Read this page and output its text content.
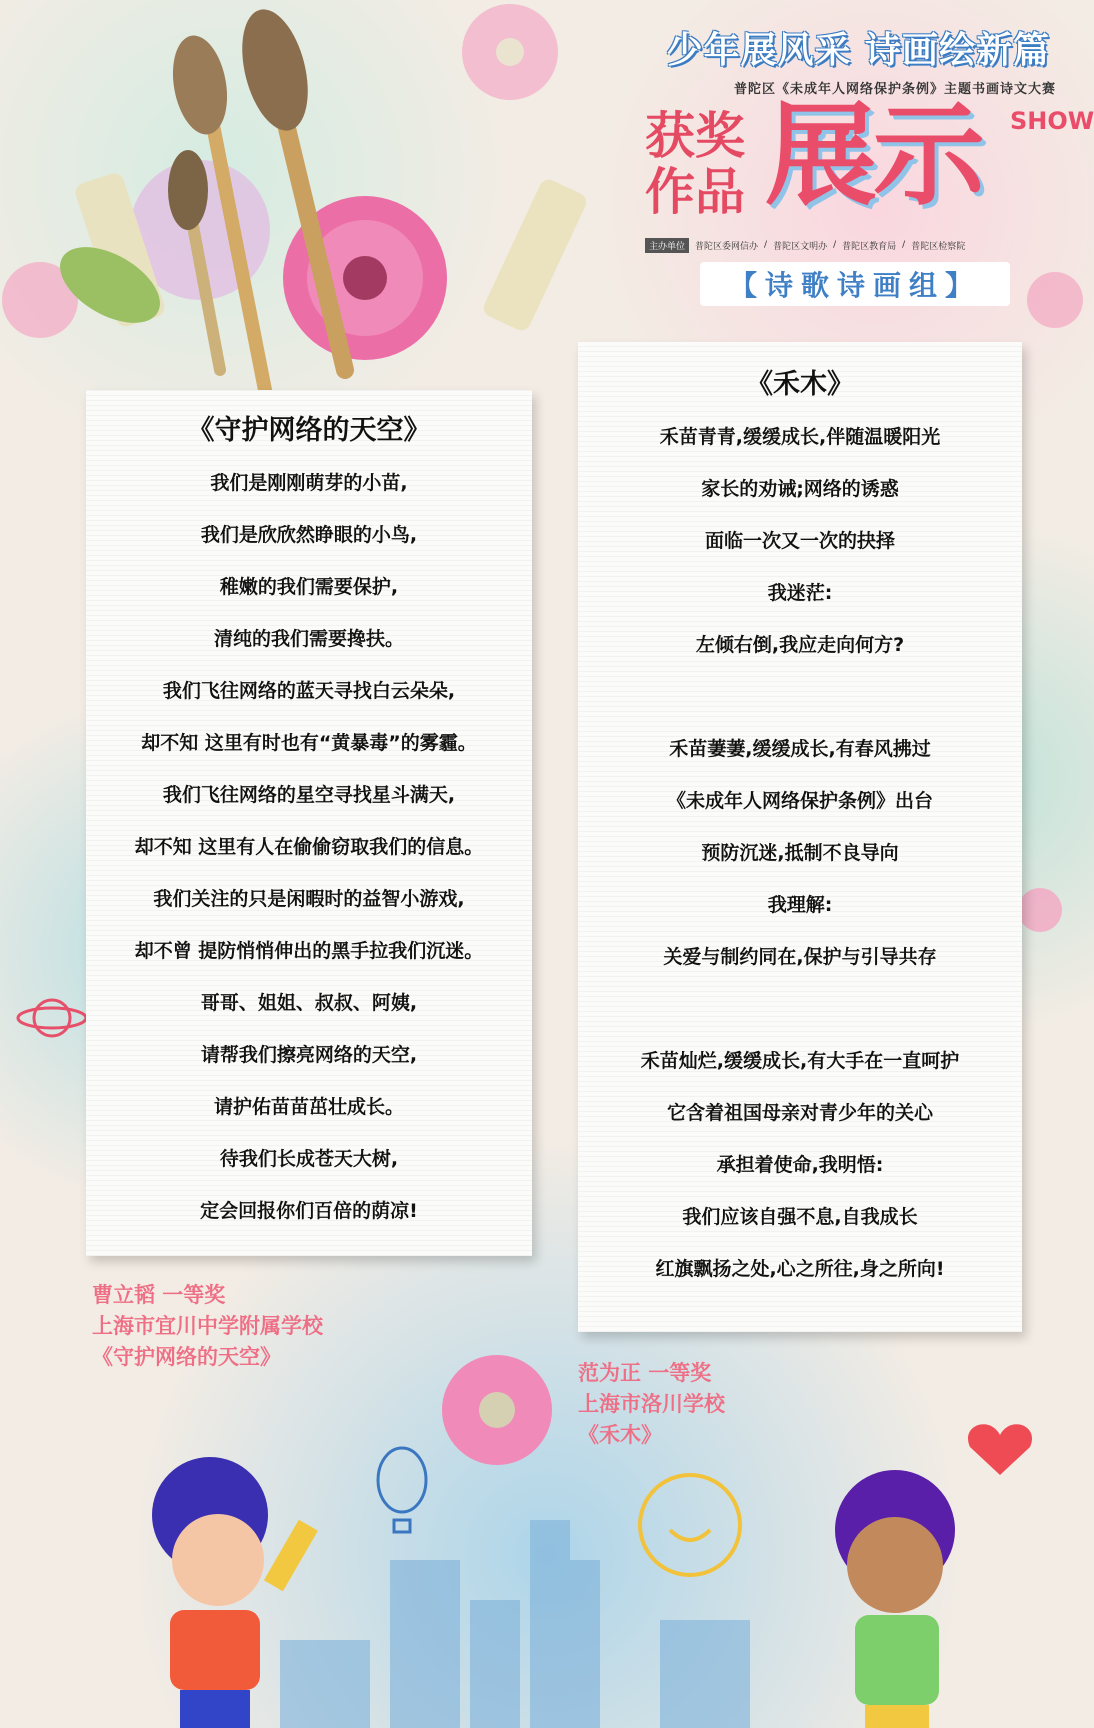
少年展风采 诗画绘新篇
普陀区《未成年人网络保护条例》主题书画诗文大赛
获奖
作品 展示 SHOW
主办单位	普陀区委网信办 / 普陀区文明办 / 普陀区教育局 / 普陀区检察院
【诗歌诗画组】
《守护网络的天空》
我们是刚刚萌芽的小苗,
我们是欣欣然睁眼的小鸟,
稚嫩的我们需要保护,
清纯的我们需要搀扶。
我们飞往网络的蓝天寻找白云朵朵,
却不知 这里有时也有“黄暴毒”的雾霾。
我们飞往网络的星空寻找星斗满天,
却不知 这里有人在偷偷窃取我们的信息。
我们关注的只是闲暇时的益智小游戏,
却不曾 提防悄悄伸出的黑手拉我们沉迷。
哥哥、姐姐、叔叔、阿姨,
请帮我们擦亮网络的天空,
请护佑苗苗茁壮成长。
待我们长成苍天大树,
定会回报你们百倍的荫凉!
《禾木》
禾苗青青,缓缓成长,伴随温暖阳光
家长的劝诫;网络的诱惑
面临一次又一次的抉择
我迷茫:
左倾右倒,我应走向何方?
禾苗萋萋,缓缓成长,有春风拂过
《未成年人网络保护条例》出台
预防沉迷,抵制不良导向
我理解:
关爱与制约同在,保护与引导共存
禾苗灿烂,缓缓成长,有大手在一直呵护
它含着祖国母亲对青少年的关心
承担着使命,我明悟:
我们应该自强不息,自我成长
红旗飘扬之处,心之所往,身之所向!
曹立韬 一等奖
上海市宜川中学附属学校
《守护网络的天空》
范为正 一等奖
上海市洛川学校
《禾木》
